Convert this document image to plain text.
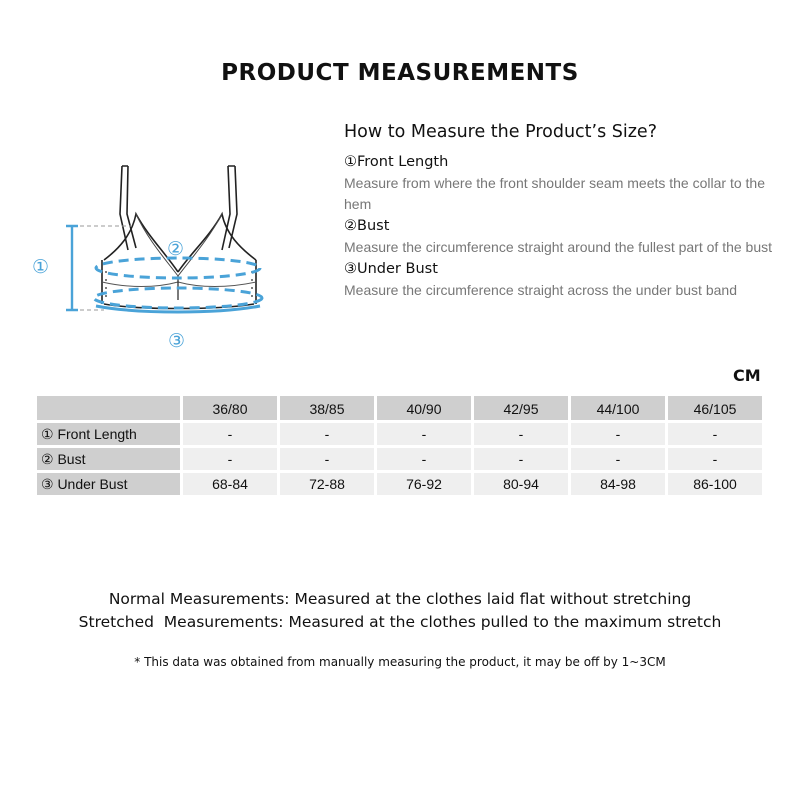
PRODUCT MEASUREMENTS
①
②
③
How to Measure the Product’s Size?
①Front Length
Measure from where the front shoulder seam meets the collar to the hem
②Bust
Measure the circumference straight around the fullest part of the bust
③Under Bust
Measure the circumference straight across the under bust band
CM
	36/80	38/85	40/90	42/95	44/100	46/105
① Front Length	-	-	-	-	-	-
② Bust	-	-	-	-	-	-
③ Under Bust	68-84	72-88	76-92	80-94	84-98	86-100
Normal Measurements: Measured at the clothes laid flat without stretching
Stretched  Measurements: Measured at the clothes pulled to the maximum stretch
* This data was obtained from manually measuring the product, it may be off by 1~3CM
